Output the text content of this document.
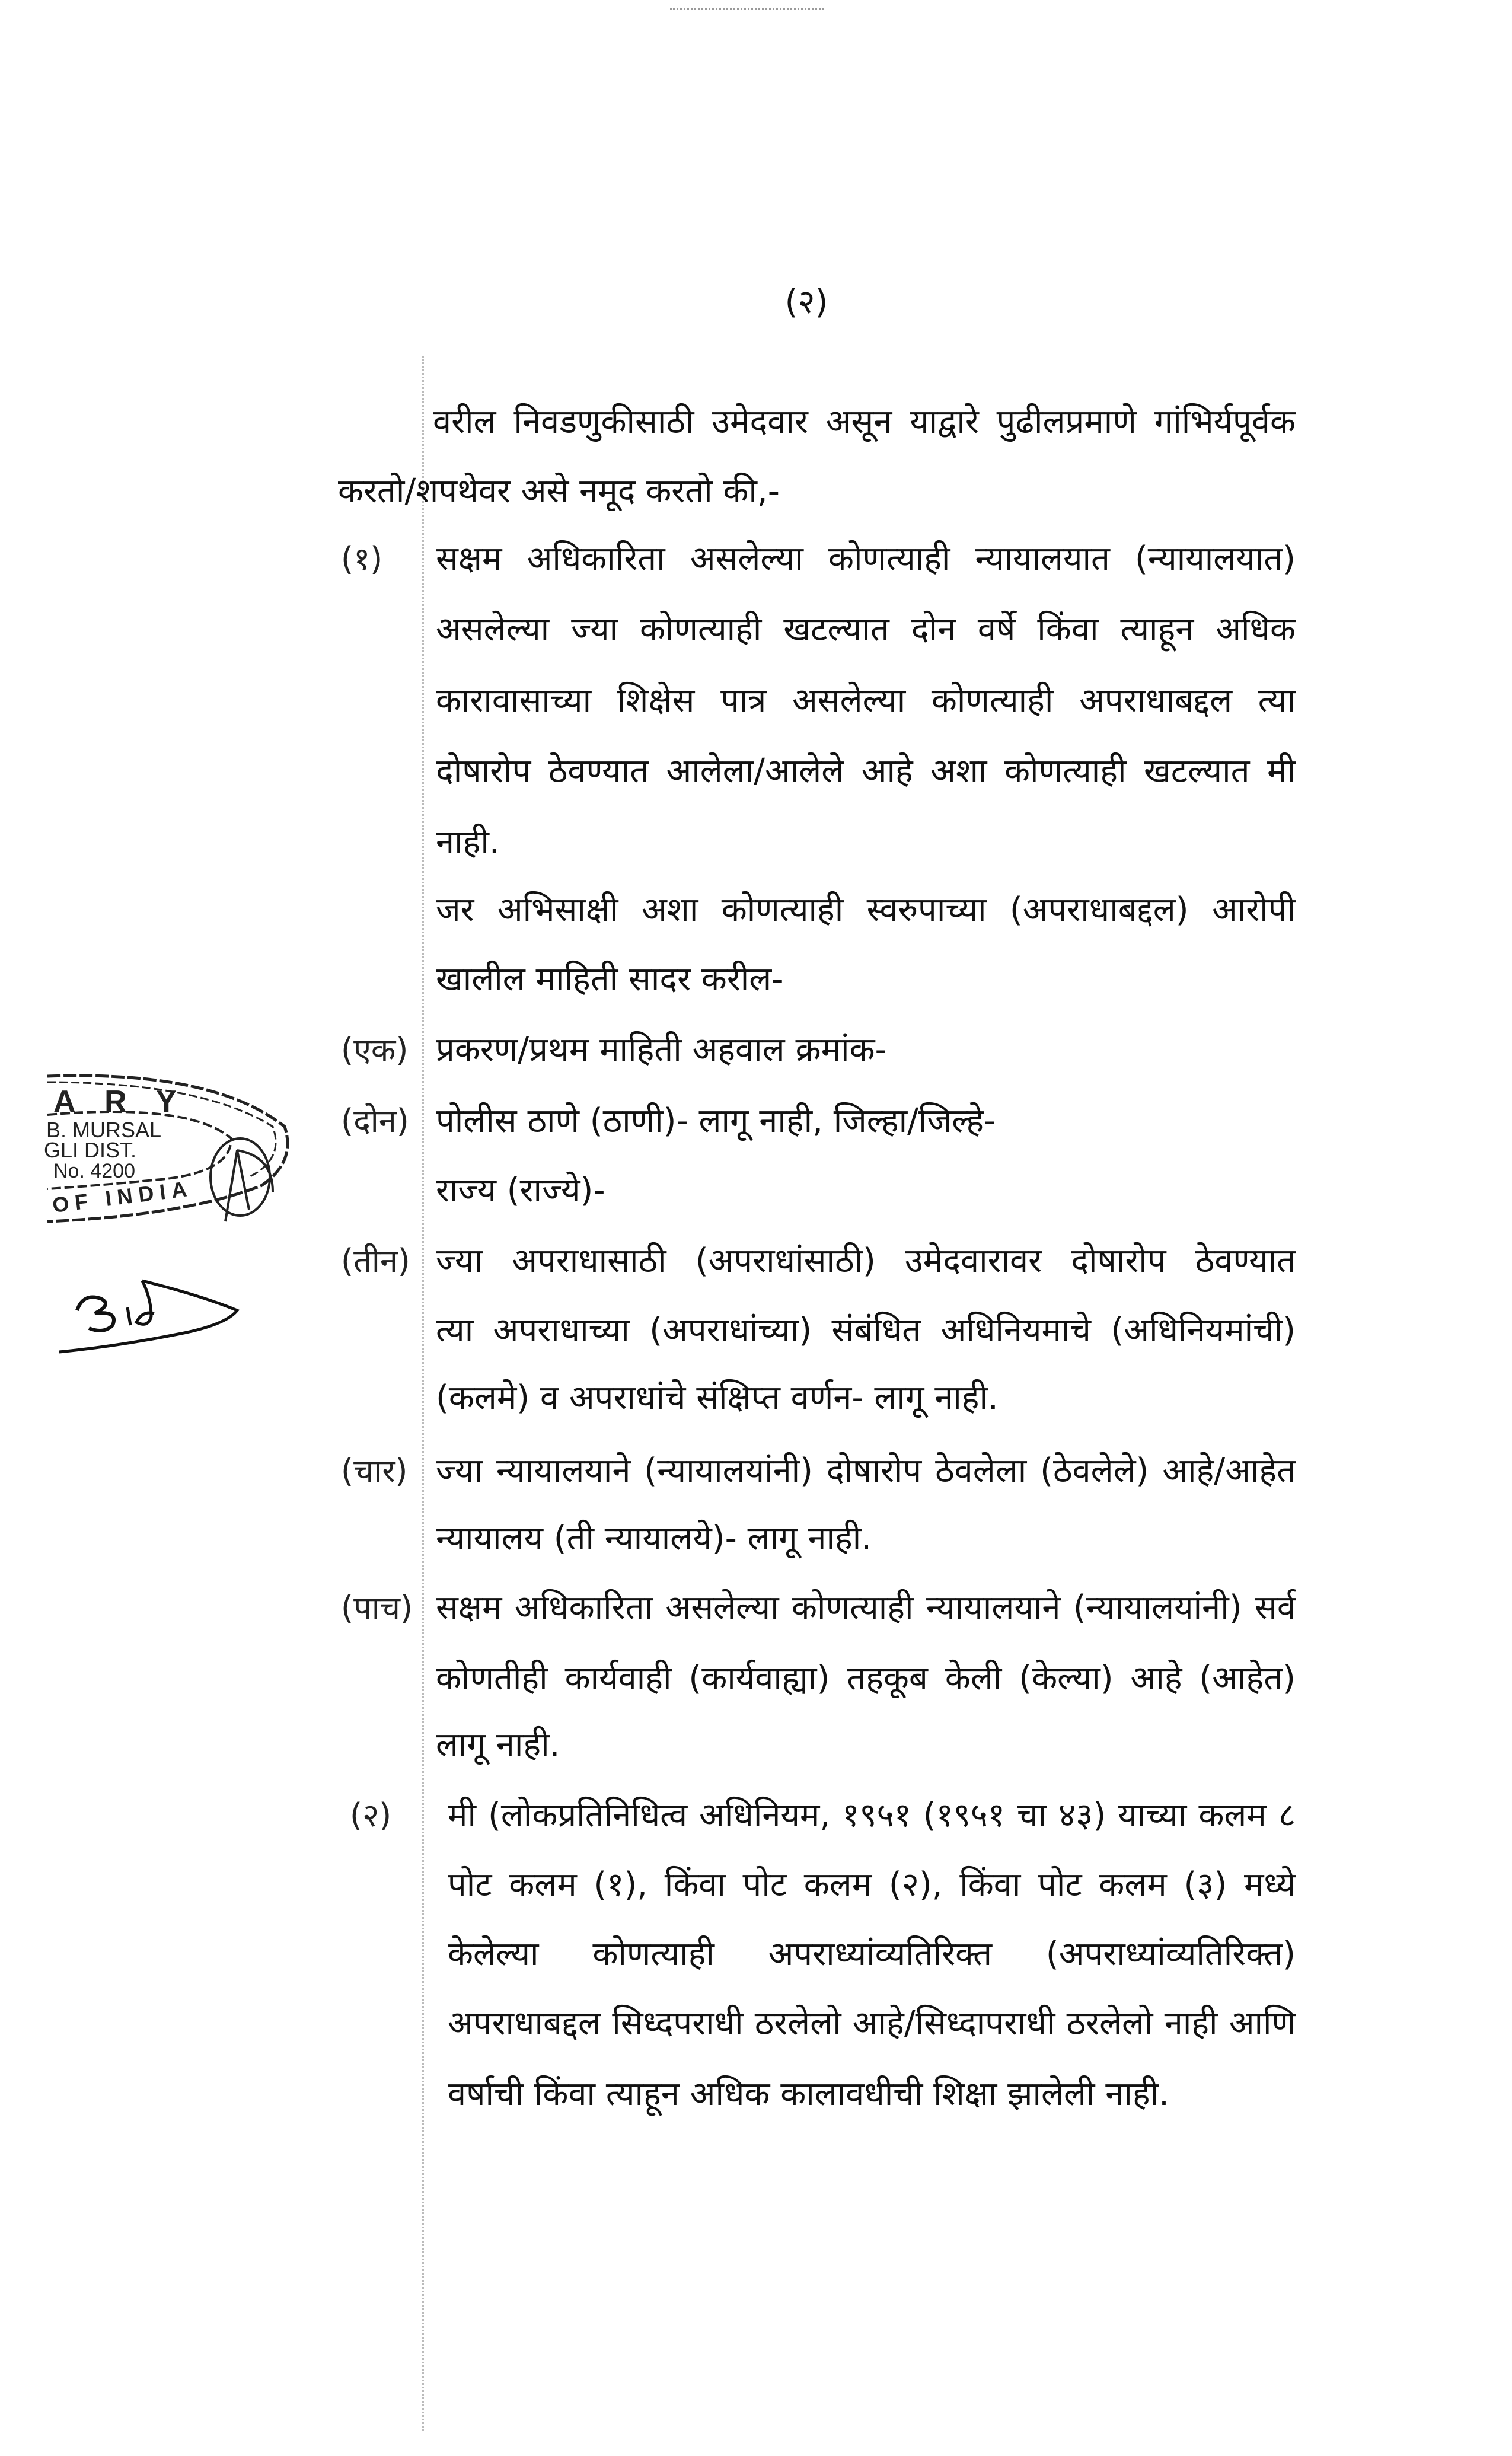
(२)
वरील निवडणुकीसाठी उमेदवार असून याद्वारे पुढीलप्रमाणे गांभिर्यपूर्वक
करतो/शपथेवर असे नमूद करतो की,-
(१) सक्षम अधिकारिता असलेल्या कोणत्याही न्यायालयात (न्यायालयात)
असलेल्या ज्या कोणत्याही खटल्यात दोन वर्षे किंवा त्याहून अधिक
कारावासाच्या शिक्षेस पात्र असलेल्या कोणत्याही अपराधाबद्दल त्या
दोषारोप ठेवण्यात आलेला/आलेले आहे अशा कोणत्याही खटल्यात मी
नाही.
जर अभिसाक्षी अशा कोणत्याही स्वरुपाच्या (अपराधाबद्दल) आरोपी
खालील माहिती सादर करील-
(एक) प्रकरण/प्रथम माहिती अहवाल क्रमांक-
(दोन) पोलीस ठाणे (ठाणी)- लागू नाही, जिल्हा/जिल्हे-
राज्य (राज्ये)-
(तीन) ज्या अपराधासाठी (अपराधांसाठी) उमेदवारावर दोषारोप ठेवण्यात
त्या अपराधाच्या (अपराधांच्या) संबंधित अधिनियमाचे (अधिनियमांची)
(कलमे) व अपराधांचे संक्षिप्त वर्णन- लागू नाही.
(चार) ज्या न्यायालयाने (न्यायालयांनी) दोषारोप ठेवलेला (ठेवलेले) आहे/आहेत
न्यायालय (ती न्यायालये)- लागू नाही.
(पाच) सक्षम अधिकारिता असलेल्या कोणत्याही न्यायालयाने (न्यायालयांनी) सर्व
कोणतीही कार्यवाही (कार्यवाह्या) तहकूब केली (केल्या) आहे (आहेत)
लागू नाही.
(२) मी (लोकप्रतिनिधित्व अधिनियम, १९५१ (१९५१ चा ४३) याच्या कलम ८
पोट कलम (१), किंवा पोट कलम (२), किंवा पोट कलम (३) मध्ये
केलेल्या कोणत्याही अपराध्यांव्यतिरिक्त (अपराध्यांव्यतिरिक्त)
अपराधाबद्दल सिध्दपराधी ठरलेलो आहे/सिध्दापराधी ठरलेलो नाही आणि
वर्षाची किंवा त्याहून अधिक कालावधीची शिक्षा झालेली नाही.
A R Y
B. MURSAL
GLI DIST.
No. 4200
OF INDIA
